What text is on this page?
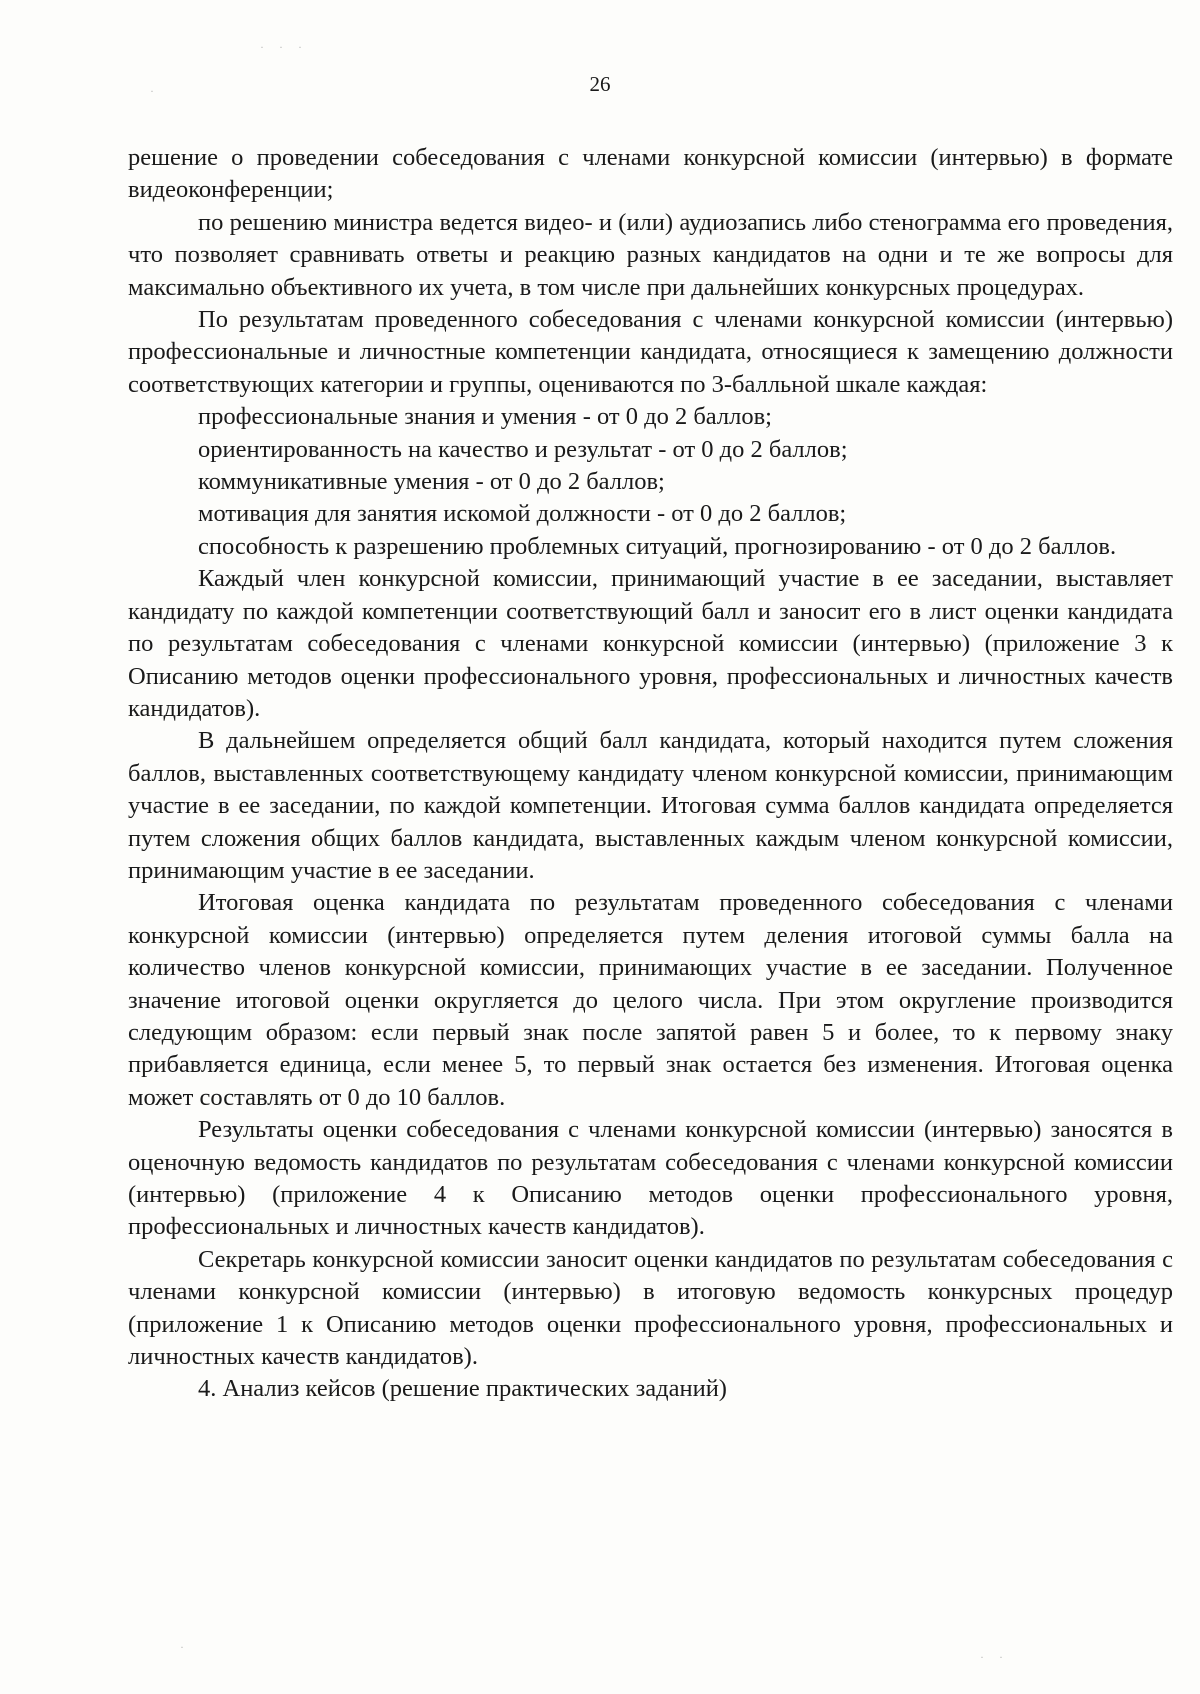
· · ·
·	26

решение о проведении собеседования с членами конкурсной комиссии (интервью) в формате видеоконференции;

по решению министра ведется видео- и (или) аудиозапись либо стенограмма его проведения, что позволяет сравнивать ответы и реакцию разных кандидатов на одни и те же вопросы для максимально объективного их учета, в том числе при дальнейших конкурсных процедурах.

По результатам проведенного собеседования с членами конкурсной комиссии (интервью) профессиональные и личностные компетенции кандидата, относящиеся к замещению должности соответствующих категории и группы, оцениваются по 3-балльной шкале каждая:

профессиональные знания и умения - от 0 до 2 баллов;

ориентированность на качество и результат - от 0 до 2 баллов;

коммуникативные умения - от 0 до 2 баллов;

мотивация для занятия искомой должности - от 0 до 2 баллов;

способность к разрешению проблемных ситуаций, прогнозированию - от 0 до 2 баллов.

Каждый член конкурсной комиссии, принимающий участие в ее заседании, выставляет кандидату по каждой компетенции соответствующий балл и заносит его в лист оценки кандидата по результатам собеседования с членами конкурсной комиссии (интервью) (приложение 3 к Описанию методов оценки профессионального уровня, профессиональных и личностных качеств кандидатов).

В дальнейшем определяется общий балл кандидата, который находится путем сложения баллов, выставленных соответствующему кандидату членом конкурсной комиссии, принимающим участие в ее заседании, по каждой компетенции. Итоговая сумма баллов кандидата определяется путем сложения общих баллов кандидата, выставленных каждым членом конкурсной комиссии, принимающим участие в ее заседании.

Итоговая оценка кандидата по результатам проведенного собеседования с членами конкурсной комиссии (интервью) определяется путем деления итоговой суммы балла на количество членов конкурсной комиссии, принимающих участие в ее заседании. Полученное значение итоговой оценки округляется до целого числа. При этом округление производится следующим образом: если первый знак после запятой равен 5 и более, то к первому знаку прибавляется единица, если менее 5, то первый знак остается без изменения. Итоговая оценка может составлять от 0 до 10 баллов.

Результаты оценки собеседования с членами конкурсной комиссии (интервью) заносятся в оценочную ведомость кандидатов по результатам собеседования с членами конкурсной комиссии (интервью) (приложение 4 к Описанию методов оценки профессионального уровня, профессиональных и личностных качеств кандидатов).

Секретарь конкурсной комиссии заносит оценки кандидатов по результатам собеседования с членами конкурсной комиссии (интервью) в итоговую ведомость конкурсных процедур (приложение 1 к Описанию методов оценки профессионального уровня, профессиональных и личностных качеств кандидатов).

4. Анализ кейсов (решение практических заданий)

·
· ·
